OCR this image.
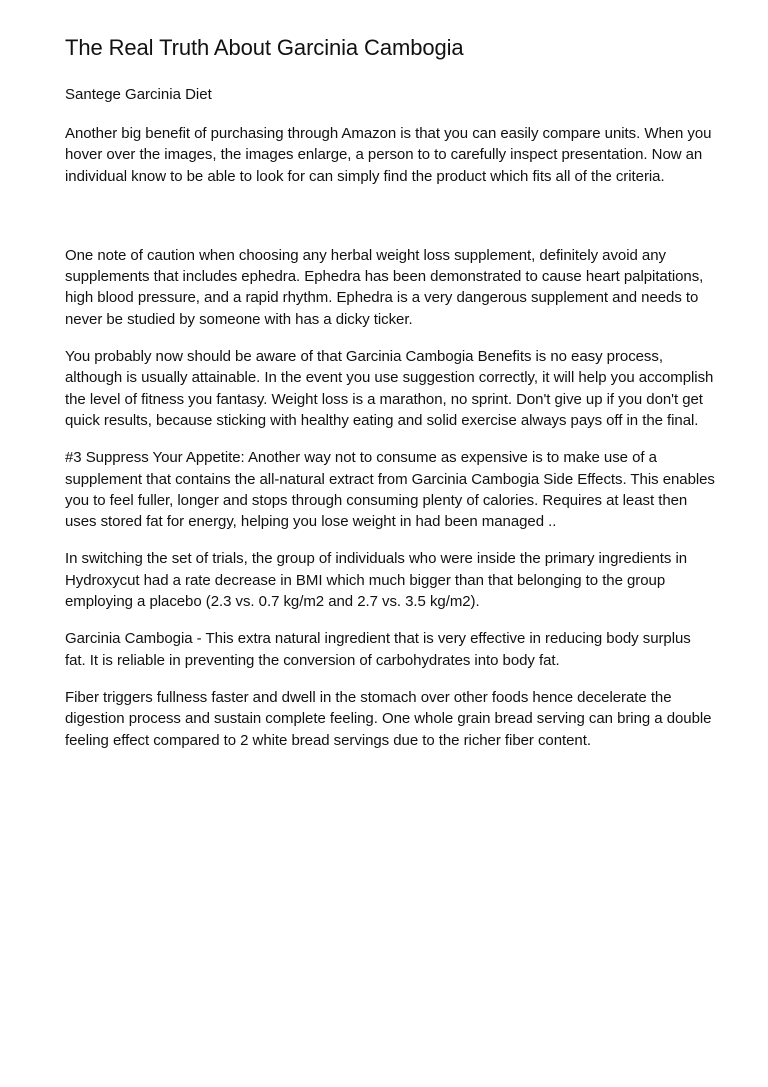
The Real Truth About Garcinia Cambogia

Santege Garcinia Diet

Another big benefit of purchasing through Amazon is that you can easily compare units. When you hover over the images, the images enlarge, a person to to carefully inspect presentation. Now an individual know to be able to look for can simply find the product which fits all of the criteria.

One note of caution when choosing any herbal weight loss supplement, definitely avoid any supplements that includes ephedra. Ephedra has been demonstrated to cause heart palpitations, high blood pressure, and a rapid rhythm. Ephedra is a very dangerous supplement and needs to never be studied by someone with has a dicky ticker.

You probably now should be aware of that Garcinia Cambogia Benefits is no easy process, although is usually attainable. In the event you use suggestion correctly, it will help you accomplish the level of fitness you fantasy. Weight loss is a marathon, no sprint. Don't give up if you don't get quick results, because sticking with healthy eating and solid exercise always pays off in the final.

#3 Suppress Your Appetite: Another way not to consume as expensive is to make use of a supplement that contains the all-natural extract from Garcinia Cambogia Side Effects. This enables you to feel fuller, longer and stops through consuming plenty of calories. Requires at least then uses stored fat for energy, helping you lose weight in had been managed ..

In switching the set of trials, the group of individuals who were inside the primary ingredients in Hydroxycut had a rate decrease in BMI which much bigger than that belonging to the group employing a placebo (2.3 vs. 0.7 kg/m2 and 2.7 vs. 3.5 kg/m2).

Garcinia Cambogia - This extra natural ingredient that is very effective in reducing body surplus fat. It is reliable in preventing the conversion of carbohydrates into body fat.

Fiber triggers fullness faster and dwell in the stomach over other foods hence decelerate the digestion process and sustain complete feeling. One whole grain bread serving can bring a double feeling effect compared to 2 white bread servings due to the richer fiber content.
